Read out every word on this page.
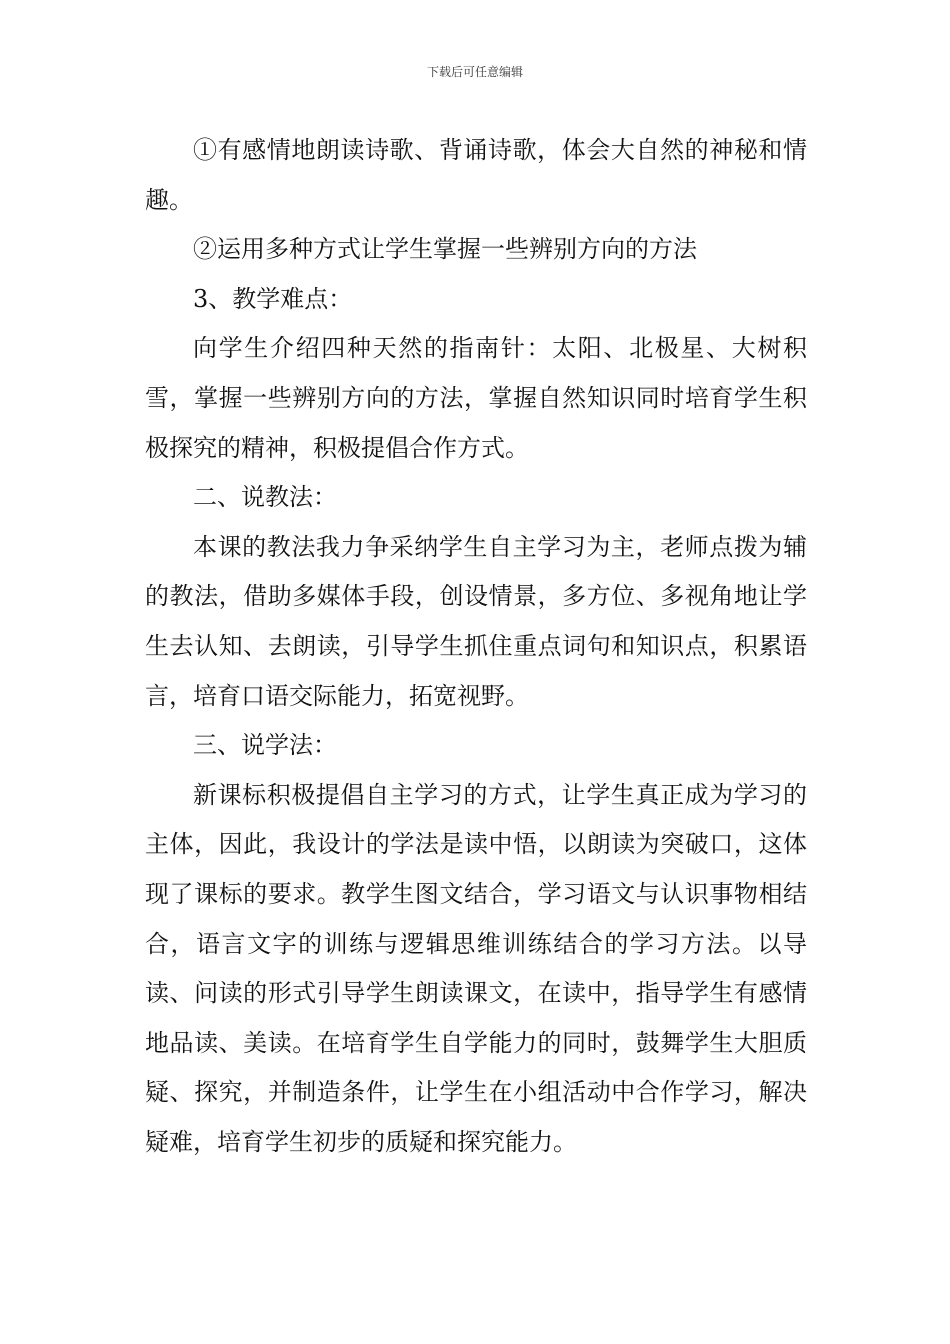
下载后可任意编辑

①有感情地朗读诗歌、背诵诗歌，体会大自然的神秘和情趣。

②运用多种方式让学生掌握一些辨别方向的方法

3、教学难点：

向学生介绍四种天然的指南针：太阳、北极星、大树积雪，掌握一些辨别方向的方法，掌握自然知识同时培育学生积极探究的精神，积极提倡合作方式。

二、说教法：

本课的教法我力争采纳学生自主学习为主，老师点拨为辅的教法，借助多媒体手段，创设情景，多方位、多视角地让学生去认知、去朗读，引导学生抓住重点词句和知识点，积累语言，培育口语交际能力，拓宽视野。

三、说学法：

新课标积极提倡自主学习的方式，让学生真正成为学习的主体，因此，我设计的学法是读中悟，以朗读为突破口，这体现了课标的要求。教学生图文结合，学习语文与认识事物相结合，语言文字的训练与逻辑思维训练结合的学习方法。以导读、问读的形式引导学生朗读课文，在读中，指导学生有感情地品读、美读。在培育学生自学能力的同时，鼓舞学生大胆质疑、探究，并制造条件，让学生在小组活动中合作学习，解决疑难，培育学生初步的质疑和探究能力。
